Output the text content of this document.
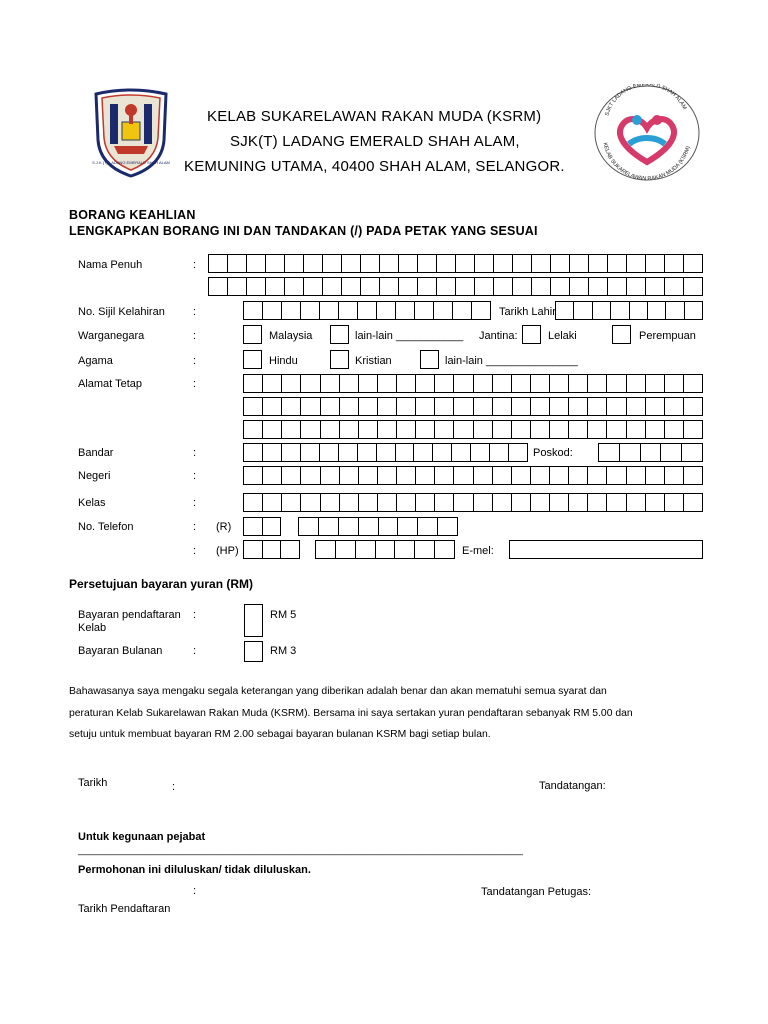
S.J.K.(T) LADANG EMERALD SHAH ALAM
KELAB SUKARELAWAN RAKAN MUDA (KSRM)
SJK(T) LADANG EMERALD SHAH ALAM,
KEMUNING UTAMA, 40400 SHAH ALAM, SELANGOR.
SJKT LADANG EMERALD SHAH ALAM
KELAB SUKARELAWAN RAKAN MUDA (KSRM)
BORANG KEAHLIAN
LENGKAPKAN BORANG INI DAN TANDAKAN (/) PADA PETAK YANG SESUAI
Nama Penuh	:
No. Sijil Kelahiran	:	Tarikh Lahir
Warganegara	:	Malaysia	lain-lain ___________ Jantina:	Lelaki	Perempuan
Agama	:	Hindu	Kristian	lain-lain _______________
Alamat Tetap	:
Bandar	:	Poskod:
Negeri	:
Kelas	:
No. Telefon	: (R)
: (HP)	E-mel:
Persetujuan bayaran yuran (RM)
Bayaran pendaftaran
Kelab
:	RM 5
Bayaran Bulanan	:	RM 3
Bahawasanya saya mengaku segala keterangan yang diberikan adalah benar dan akan mematuhi semua syarat dan
peraturan Kelab Sukarelawan Rakan Muda (KSRM). Bersama ini saya sertakan yuran pendaftaran sebanyak RM 5.00 dan
setuju untuk membuat bayaran RM 2.00 sebagai bayaran bulanan KSRM bagi setiap bulan.
Tarikh	:	Tandatangan:
Untuk kegunaan pejabat
________________________________________________________________________________
Permohonan ini diluluskan/ tidak diluluskan.
:	Tandatangan Petugas:
Tarikh Pendaftaran
